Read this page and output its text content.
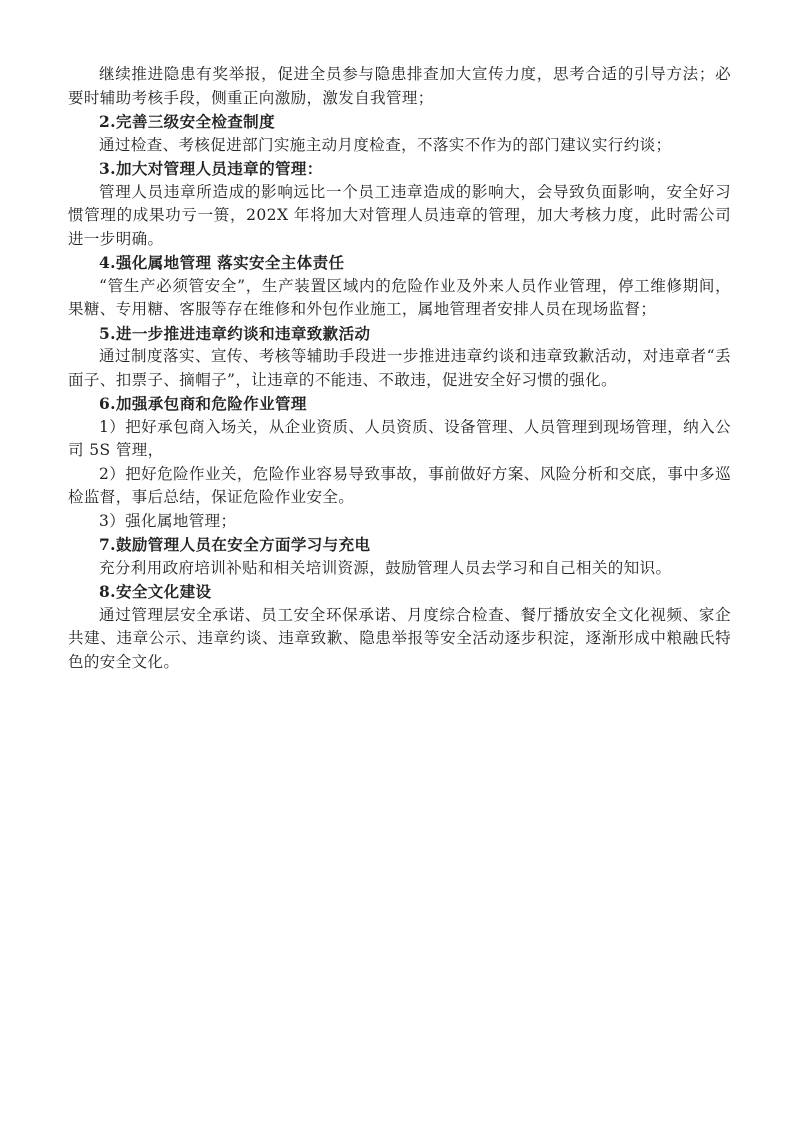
继续推进隐患有奖举报，促进全员参与隐患排查加大宣传力度，思考合适的引导方法；必要时辅助考核手段，侧重正向激励，激发自我管理；

2.完善三级安全检查制度

通过检查、考核促进部门实施主动月度检查，不落实不作为的部门建议实行约谈；

3.加大对管理人员违章的管理：

管理人员违章所造成的影响远比一个员工违章造成的影响大，会导致负面影响，安全好习惯管理的成果功亏一篑，202X 年将加大对管理人员违章的管理，加大考核力度，此时需公司进一步明确。

4.强化属地管理 落实安全主体责任

“管生产必须管安全”，生产装置区域内的危险作业及外来人员作业管理，停工维修期间，果糖、专用糖、客服等存在维修和外包作业施工，属地管理者安排人员在现场监督；

5.进一步推进违章约谈和违章致歉活动

通过制度落实、宣传、考核等辅助手段进一步推进违章约谈和违章致歉活动，对违章者“丢面子、扣票子、摘帽子”，让违章的不能违、不敢违，促进安全好习惯的强化。

6.加强承包商和危险作业管理

1）把好承包商入场关，从企业资质、人员资质、设备管理、人员管理到现场管理，纳入公司 5S 管理，

2）把好危险作业关，危险作业容易导致事故，事前做好方案、风险分析和交底，事中多巡检监督，事后总结，保证危险作业安全。

3）强化属地管理；

7.鼓励管理人员在安全方面学习与充电

充分利用政府培训补贴和相关培训资源，鼓励管理人员去学习和自己相关的知识。

8.安全文化建设

通过管理层安全承诺、员工安全环保承诺、月度综合检查、餐厅播放安全文化视频、家企共建、违章公示、违章约谈、违章致歉、隐患举报等安全活动逐步积淀，逐渐形成中粮融氏特色的安全文化。
